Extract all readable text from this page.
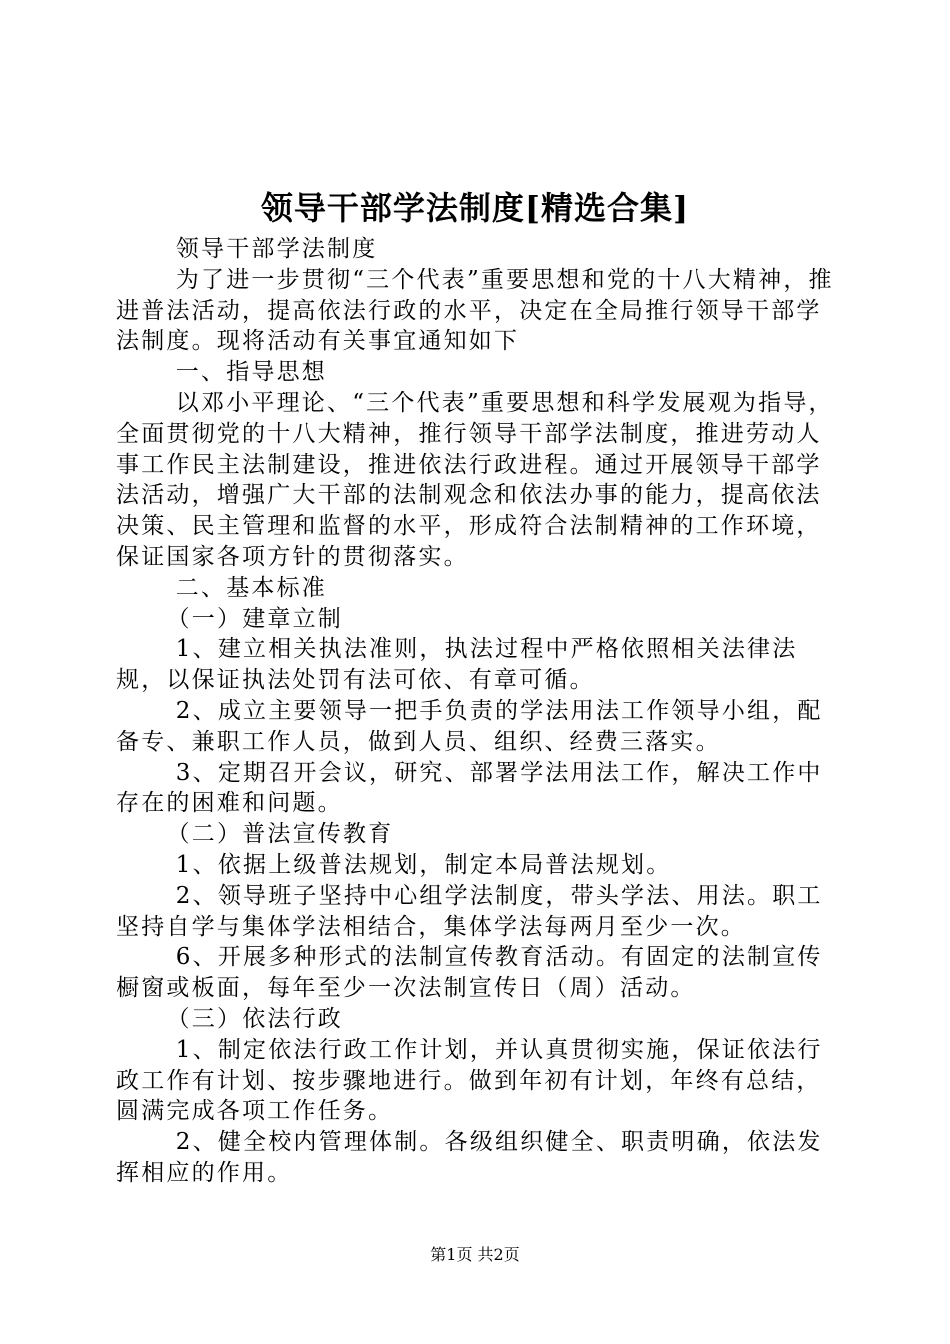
领导干部学法制度[精选合集]

领导干部学法制度

为了进一步贯彻“三个代表”重要思想和党的十八大精神，推进普法活动，提高依法行政的水平，决定在全局推行领导干部学法制度。现将活动有关事宜通知如下

一、指导思想

以邓小平理论、“三个代表”重要思想和科学发展观为指导，全面贯彻党的十八大精神，推行领导干部学法制度，推进劳动人事工作民主法制建设，推进依法行政进程。通过开展领导干部学法活动，增强广大干部的法制观念和依法办事的能力，提高依法决策、民主管理和监督的水平，形成符合法制精神的工作环境，保证国家各项方针的贯彻落实。

二、基本标准

（一）建章立制

1、建立相关执法准则，执法过程中严格依照相关法律法规，以保证执法处罚有法可依、有章可循。

2、成立主要领导一把手负责的学法用法工作领导小组，配备专、兼职工作人员，做到人员、组织、经费三落实。

3、定期召开会议，研究、部署学法用法工作，解决工作中存在的困难和问题。

（二）普法宣传教育

1、依据上级普法规划，制定本局普法规划。

2、领导班子坚持中心组学法制度，带头学法、用法。职工坚持自学与集体学法相结合，集体学法每两月至少一次。

6、开展多种形式的法制宣传教育活动。有固定的法制宣传橱窗或板面，每年至少一次法制宣传日（周）活动。

（三）依法行政

1、制定依法行政工作计划，并认真贯彻实施，保证依法行政工作有计划、按步骤地进行。做到年初有计划，年终有总结，圆满完成各项工作任务。

2、健全校内管理体制。各级组织健全、职责明确，依法发挥相应的作用。

第1页 共2页
